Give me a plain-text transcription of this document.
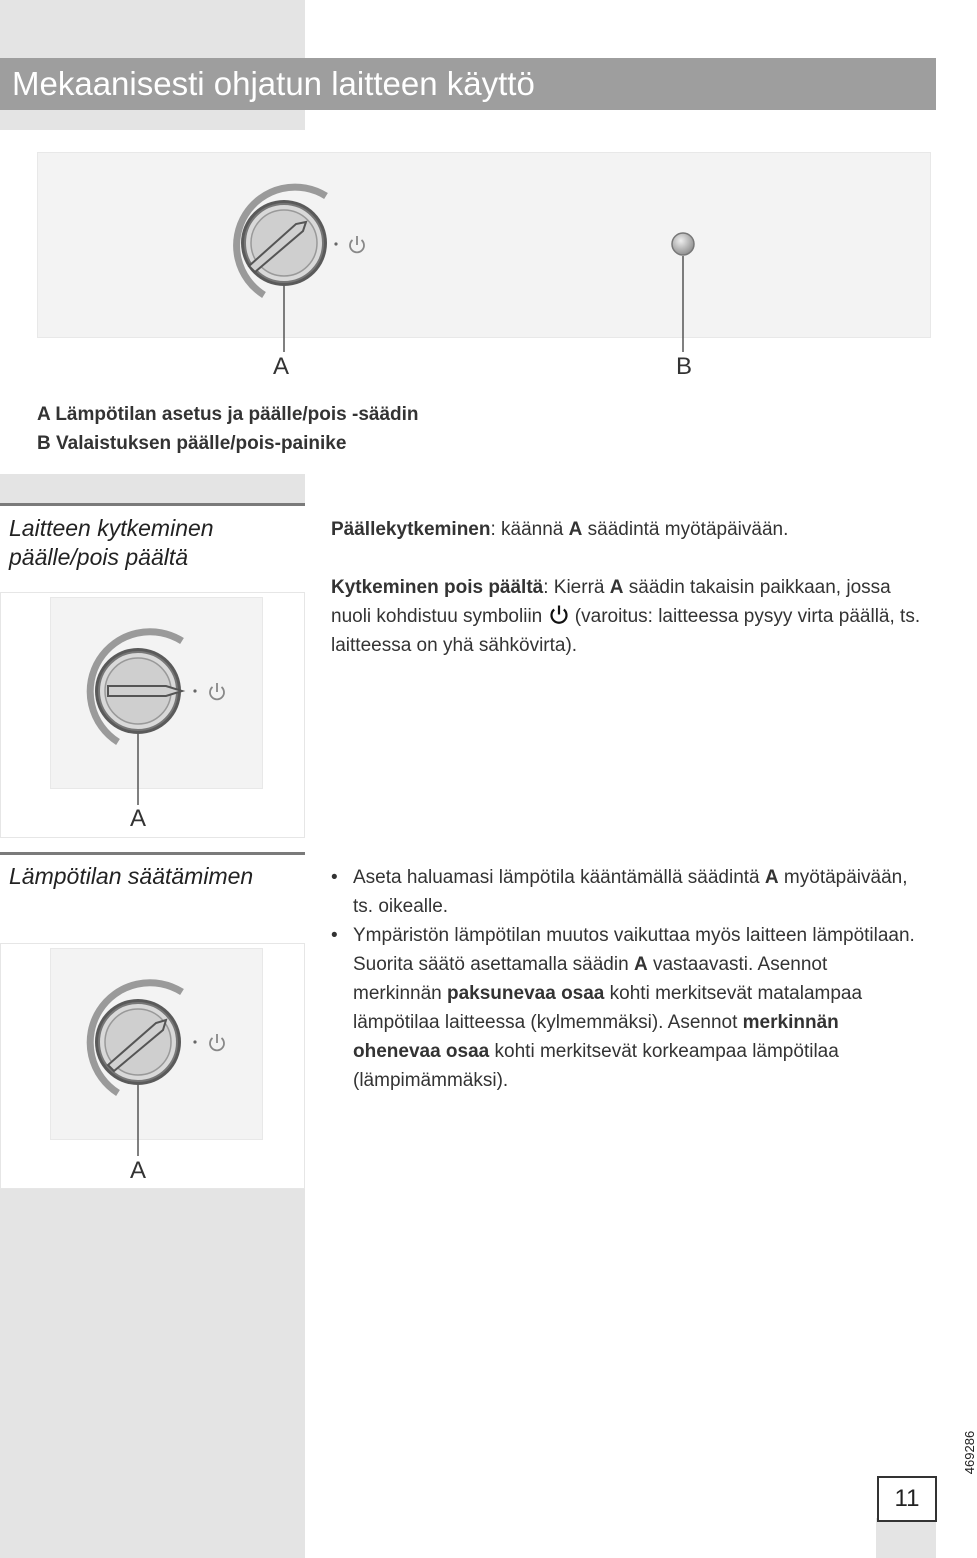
Mekaanisesti ohjatun laitteen käyttö
A	B
A Lämpötilan asetus ja päälle/pois -säädin
B Valaistuksen päälle/pois-painike
Laitteen kytkeminen
päälle/pois päältä
Päällekytkeminen: käännä A säädintä myötäpäivään.
Kytkeminen pois päältä: Kierrä A säädin takaisin paikkaan, jossa nuoli kohdistuu symboliin  (varoitus: laitteessa pysyy virta päällä, ts. laitteessa on yhä sähkövirta).
A
Lämpötilan säätämimen
•	Aseta haluamasi lämpötila kääntämällä säädintä A myötäpäivään, ts. oikealle.
• Ympäristön lämpötilan muutos vaikuttaa myös laitteen lämpötilaan. Suorita säätö asettamalla säädin A vastaavasti. Asennot merkinnän paksunevaa osaa kohti merkitsevät matalampaa lämpötilaa laitteessa (kylmemmäksi). Asennot merkinnän ohenevaa osaa kohti merkitsevät korkeampaa lämpötilaa (lämpimämmäksi).
A
11
469286
